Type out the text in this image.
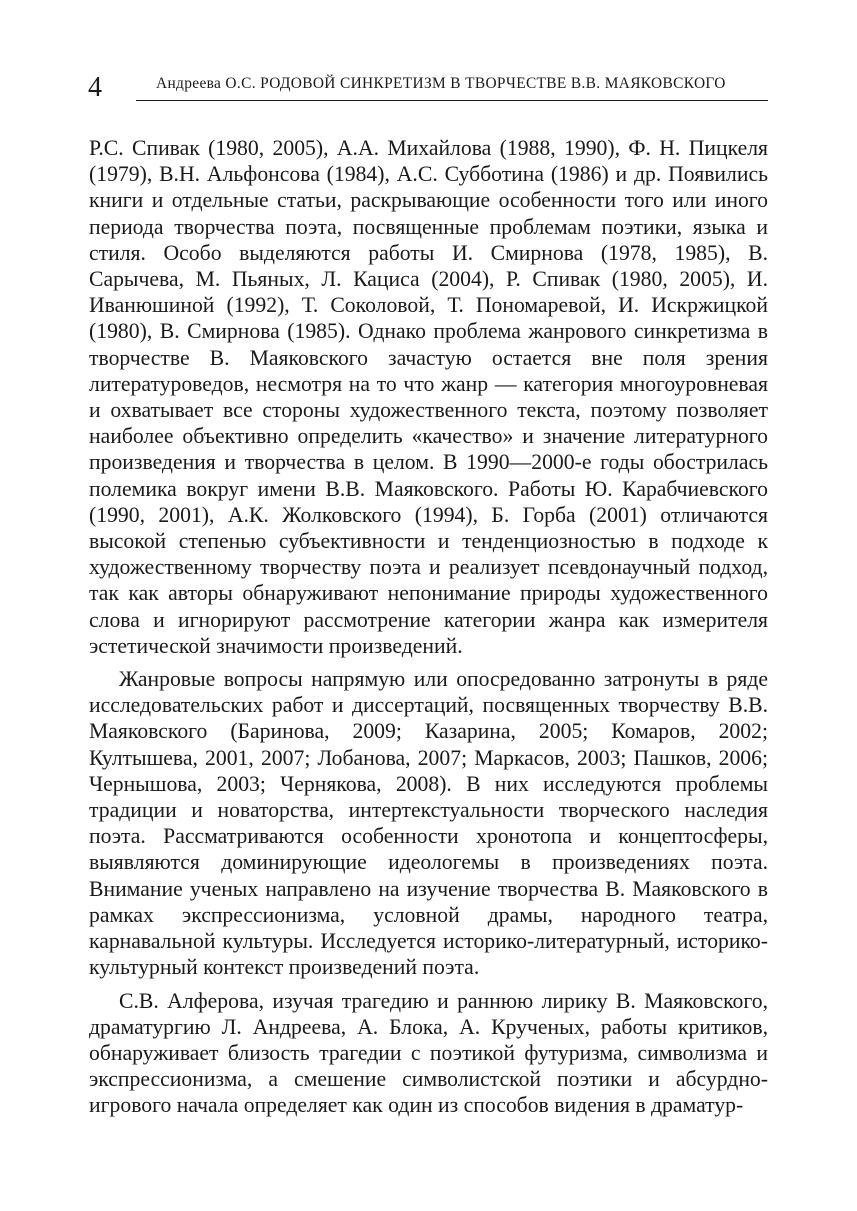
4	Андреева О.С. РОДОВОЙ СИНКРЕТИЗМ В ТВОРЧЕСТВЕ В.В. МАЯКОВСКОГО

Р.С. Спивак (1980, 2005), А.А. Михайлова (1988, 1990), Ф. Н. Пицкеля (1979), В.Н. Альфонсова (1984), А.С. Субботина (1986) и др. Появились книги и отдельные статьи, раскрывающие особенности того или иного периода творчества поэта, посвященные проблемам поэтики, языка и стиля. Особо выделяются работы И. Смирнова (1978, 1985), В. Сарычева, М. Пьяных, Л. Кациса (2004), Р. Спивак (1980, 2005), И. Иванюшиной (1992), Т. Соколовой, Т. Пономаревой, И. Искржицкой (1980), В. Смирнова (1985). Однако проблема жанрового синкретизма в творчестве В. Маяковского зачастую остается вне поля зрения литературоведов, несмотря на то что жанр — категория многоуровневая и охватывает все стороны художественного текста, поэтому позволяет наиболее объективно определить «качество» и значение литературного произведения и творчества в целом. В 1990—2000-е годы обострилась полемика вокруг имени В.В. Маяковского. Работы Ю. Карабчиевского (1990, 2001), А.К. Жолковского (1994), Б. Горба (2001) отличаются высокой степенью субъективности и тенденциозностью в подходе к художественному творчеству поэта и реализует псевдонаучный подход, так как авторы обнаруживают непонимание природы художественного слова и игнорируют рассмотрение категории жанра как измерителя эстетической значимости произведений.

Жанровые вопросы напрямую или опосредованно затронуты в ряде исследовательских работ и диссертаций, посвященных творчеству В.В. Маяковского (Баринова, 2009; Казарина, 2005; Комаров, 2002; Култышева, 2001, 2007; Лобанова, 2007; Маркасов, 2003; Пашков, 2006; Чернышова, 2003; Чернякова, 2008). В них исследуются проблемы традиции и новаторства, интертекстуальности творческого наследия поэта. Рассматриваются особенности хронотопа и концептосферы, выявляются доминирующие идеологемы в произведениях поэта. Внимание ученых направлено на изучение творчества В. Маяковского в рамках экспрессионизма, условной драмы, народного театра, карнавальной культуры. Исследуется историко-литературный, историко-культурный контекст произведений поэта.

С.В. Алферова, изучая трагедию и раннюю лирику В. Маяковского, драматургию Л. Андреева, А. Блока, А. Крученых, работы критиков, обнаруживает близость трагедии с поэтикой футуризма, символизма и экспрессионизма, а смешение символистской поэтики и абсурдно-игрового начала определяет как один из способов видения в драматур-
